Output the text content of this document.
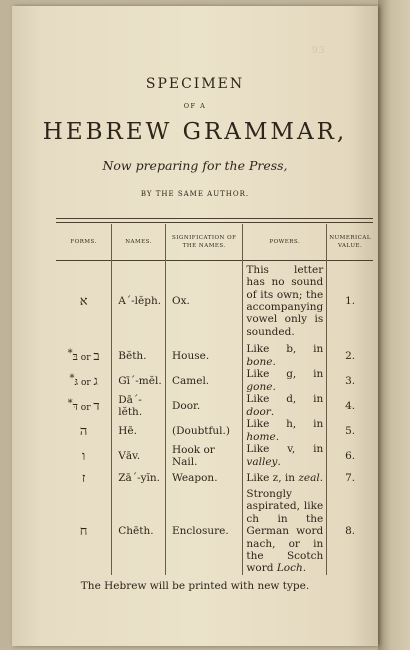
93
SPECIMEN
OF A
HEBREW GRAMMAR,
Now preparing for the Press,
BY THE SAME AUTHOR.
FORMS.	NAMES.	SIGNIFICATION OF THE NAMES.	POWERS.	NUMERICAL VALUE.
א	A´-lĕph.	Ox.	This letter has no sound of its own; the accompanying vowel only is sounded.	1.
*בּ or ב	Bĕth.	House.	Like b, in bone.	2.
*גּ or ג	Gī´-mĕl.	Camel.	Like g, in gone.	3.
*דּ or ד	Dā´-lĕth.	Door.	Like d, in door.	4.
ה	Hē.	(Doubtful.)	Like h, in home.	5.
ו	Vāv.	Hook or Nail.	Like v, in valley.	6.
ז	Zā´-yĭn.	Weapon.	Like z, in zeal.	7.
ח	Chēth.	Enclosure.	Strongly aspirated, like ch in the German word nach, or in the Scotch word Loch.	8.
The Hebrew will be printed with new type.
